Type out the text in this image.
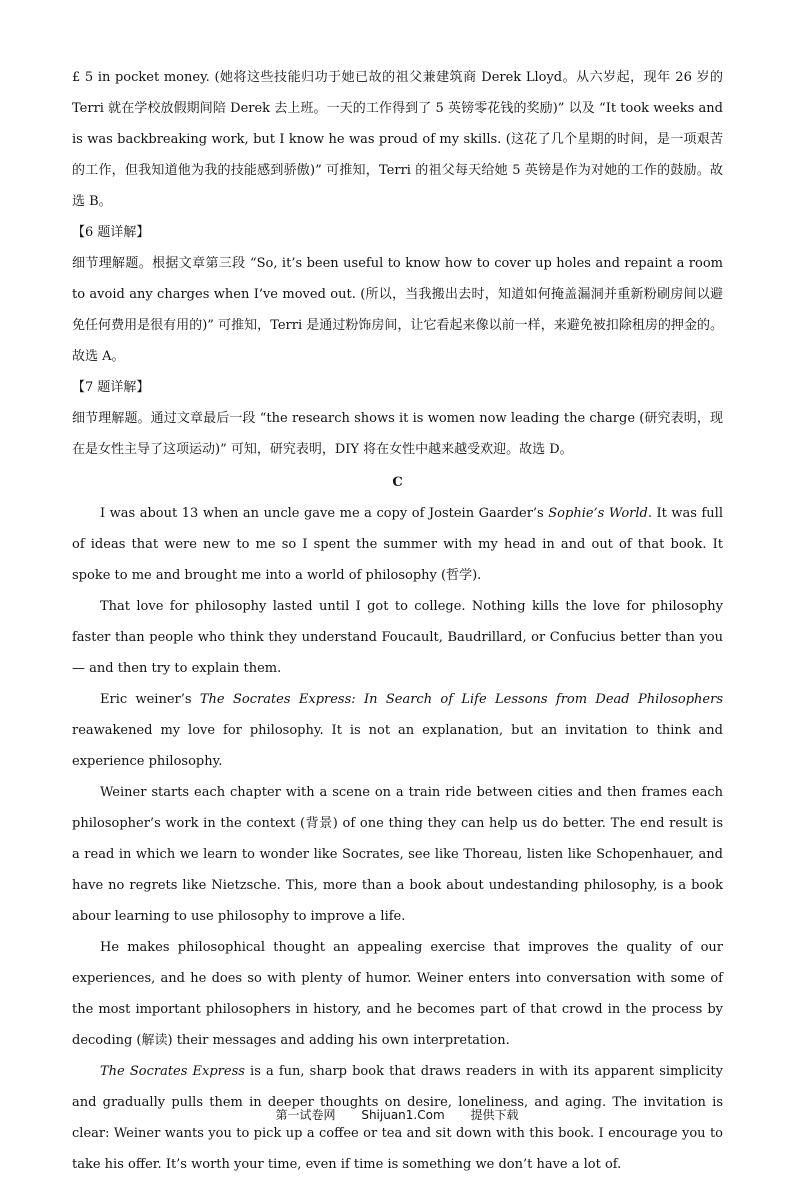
£ 5 in pocket money. (她将这些技能归功于她已故的祖父兼建筑商 Derek Lloyd。从六岁起，现年 26 岁的 Terri 就在学校放假期间陪 Derek 去上班。一天的工作得到了 5 英镑零花钱的奖励)” 以及 “It took weeks and is was backbreaking work, but I know he was proud of my skills. (这花了几个星期的时间，是一项艰苦的工作，但我知道他为我的技能感到骄傲)” 可推知，Terri 的祖父每天给她 5 英镑是作为对她的工作的鼓励。故选 B。

【6 题详解】

细节理解题。根据文章第三段 “So, it’s been useful to know how to cover up holes and repaint a room to avoid any charges when I’ve moved out. (所以，当我搬出去时，知道如何掩盖漏洞并重新粉刷房间以避免任何费用是很有用的)” 可推知，Terri 是通过粉饰房间，让它看起来像以前一样，来避免被扣除租房的押金的。故选 A。

【7 题详解】

细节理解题。通过文章最后一段 “the research shows it is women now leading the charge (研究表明，现在是女性主导了这项运动)” 可知，研究表明，DIY 将在女性中越来越受欢迎。故选 D。

C

I was about 13 when an uncle gave me a copy of Jostein Gaarder’s Sophie’s World. It was full of ideas that were new to me so I spent the summer with my head in and out of that book. It spoke to me and brought me into a world of philosophy (哲学).

That love for philosophy lasted until I got to college. Nothing kills the love for philosophy faster than people who think they understand Foucault, Baudrillard, or Confucius better than you — and then try to explain them.

Eric weiner’s The Socrates Express: In Search of Life Lessons from Dead Philosophers reawakened my love for philosophy. It is not an explanation, but an invitation to think and experience philosophy.

Weiner starts each chapter with a scene on a train ride between cities and then frames each philosopher’s work in the context (背景) of one thing they can help us do better. The end result is a read in which we learn to wonder like Socrates, see like Thoreau, listen like Schopenhauer, and have no regrets like Nietzsche. This, more than a book about undestanding philosophy, is a book abour learning to use philosophy to improve a life.

He makes philosophical thought an appealing exercise that improves the quality of our experiences, and he does so with plenty of humor. Weiner enters into conversation with some of the most important philosophers in history, and he becomes part of that crowd in the process by decoding (解读) their messages and adding his own interpretation.

The Socrates Express is a fun, sharp book that draws readers in with its apparent simplicity and gradually pulls them in deeper thoughts on desire, loneliness, and aging. The invitation is clear: Weiner wants you to pick up a coffee or tea and sit down with this book. I encourage you to take his offer. It’s worth your time, even if time is something we don’t have a lot of.

第一试卷网 Shijuan1.Com 提供下载
